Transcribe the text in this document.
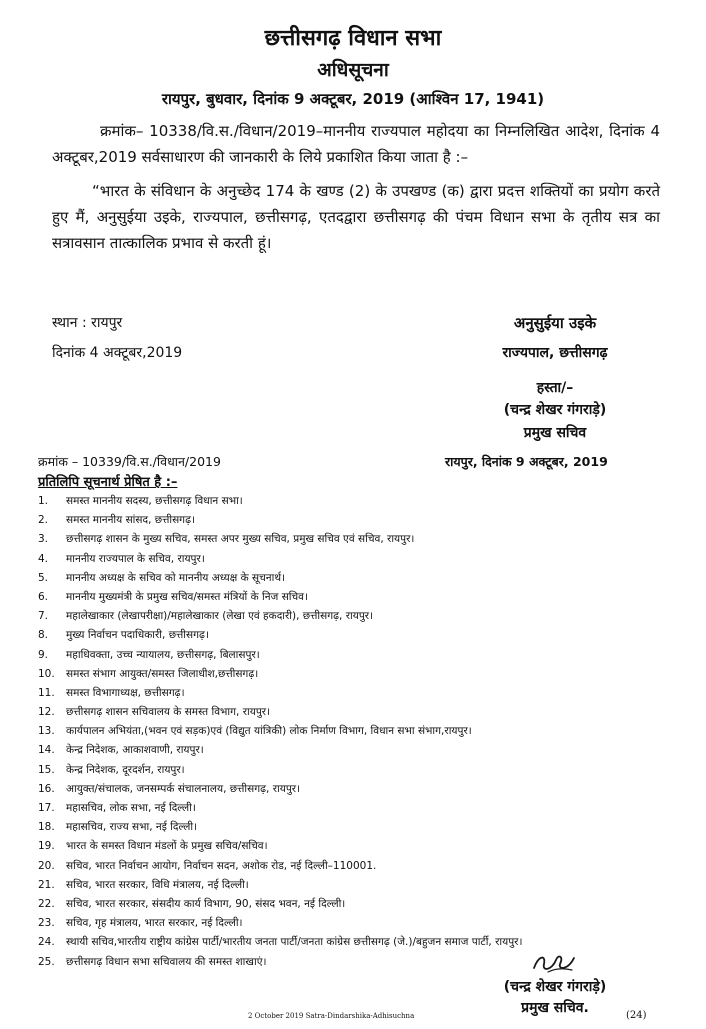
छत्तीसगढ़ विधान सभा
अधिसूचना
रायपुर, बुधवार, दिनांक 9 अक्टूबर, 2019 (आश्विन 17, 1941)
क्रमांक– 10338/वि.स./विधान/2019–माननीय राज्यपाल महोदया का निम्नलिखित आदेश, दिनांक 4 अक्टूबर,2019 सर्वसाधारण की जानकारी के लिये प्रकाशित किया जाता है :–
“भारत के संविधान के अनुच्छेद 174 के खण्ड (2) के उपखण्ड (क) द्वारा प्रदत्त शक्तियों का प्रयोग करते हुए मैं, अनुसुईया उइके, राज्यपाल, छत्तीसगढ़, एतदद्वारा छत्तीसगढ़ की पंचम विधान सभा के तृतीय सत्र का सत्रावसान तात्कालिक प्रभाव से करती हूं।
स्थान : रायपुर
दिनांक 4 अक्टूबर,2019
अनुसुईया उइके
राज्यपाल, छत्तीसगढ़
हस्ता/–
(चन्द्र शेखर गंगराड़े)
प्रमुख सचिव
क्रमांक – 10339/वि.स./विधान/2019	रायपुर, दिनांक 9 अक्टूबर, 2019
प्रतिलिपि सूचनार्थ प्रेषित है :–
1. समस्त माननीय सदस्य, छत्तीसगढ़ विधान सभा।
2. समस्त माननीय सांसद, छत्तीसगढ़।
3. छत्तीसगढ़ शासन के मुख्य सचिव, समस्त अपर मुख्य सचिव, प्रमुख सचिव एवं सचिव, रायपुर।
4. माननीय राज्यपाल के सचिव, रायपुर।
5. माननीय अध्यक्ष के सचिव को माननीय अध्यक्ष के सूचनार्थ।
6. माननीय मुख्यमंत्री के प्रमुख सचिव/समस्त मंत्रियों के निज सचिव।
7. महालेखाकार (लेखापरीक्षा)/महालेखाकार (लेखा एवं हकदारी), छत्तीसगढ़, रायपुर।
8. मुख्य निर्वाचन पदाधिकारी, छत्तीसगढ़।
9. महाधिवक्ता, उच्च न्यायालय, छत्तीसगढ़, बिलासपुर।
10. समस्त संभाग आयुक्त/समस्त जिलाधीश,छत्तीसगढ़।
11. समस्त विभागाध्यक्ष, छत्तीसगढ़।
12. छत्तीसगढ़ शासन सचिवालय के समस्त विभाग, रायपुर।
13. कार्यपालन अभियंता,(भवन एवं सड़क)एवं (विद्युत यांत्रिकी) लोक निर्माण विभाग, विधान सभा संभाग,रायपुर।
14. केन्द्र निदेशक, आकाशवाणी, रायपुर।
15. केन्द्र निदेशक, दूरदर्शन, रायपुर।
16. आयुक्त/संचालक, जनसम्पर्क संचालनालय, छत्तीसगढ़, रायपुर।
17. महासचिव, लोक सभा, नई दिल्ली।
18. महासचिव, राज्य सभा, नई दिल्ली।
19. भारत के समस्त विधान मंडलों के प्रमुख सचिव/सचिव।
20. सचिव, भारत निर्वाचन आयोग, निर्वाचन सदन, अशोक रोड, नई दिल्ली–110001.
21. सचिव, भारत सरकार, विधि मंत्रालय, नई दिल्ली।
22. सचिव, भारत सरकार, संसदीय कार्य विभाग, 90, संसद भवन, नई दिल्ली।
23. सचिव, गृह मंत्रालय, भारत सरकार, नई दिल्ली।
24. स्थायी सचिव,भारतीय राष्ट्रीय कांग्रेस पार्टी/भारतीय जनता पार्टी/जनता कांग्रेस छत्तीसगढ़ (जे.)/बहुजन समाज पार्टी, रायपुर।
25. छत्तीसगढ़ विधान सभा सचिवालय की समस्त शाखाएं।
(चन्द्र शेखर गंगराड़े)
प्रमुख सचिव.
2 October 2019 Satra-Dindarshika-Adhisuchna	(24)
